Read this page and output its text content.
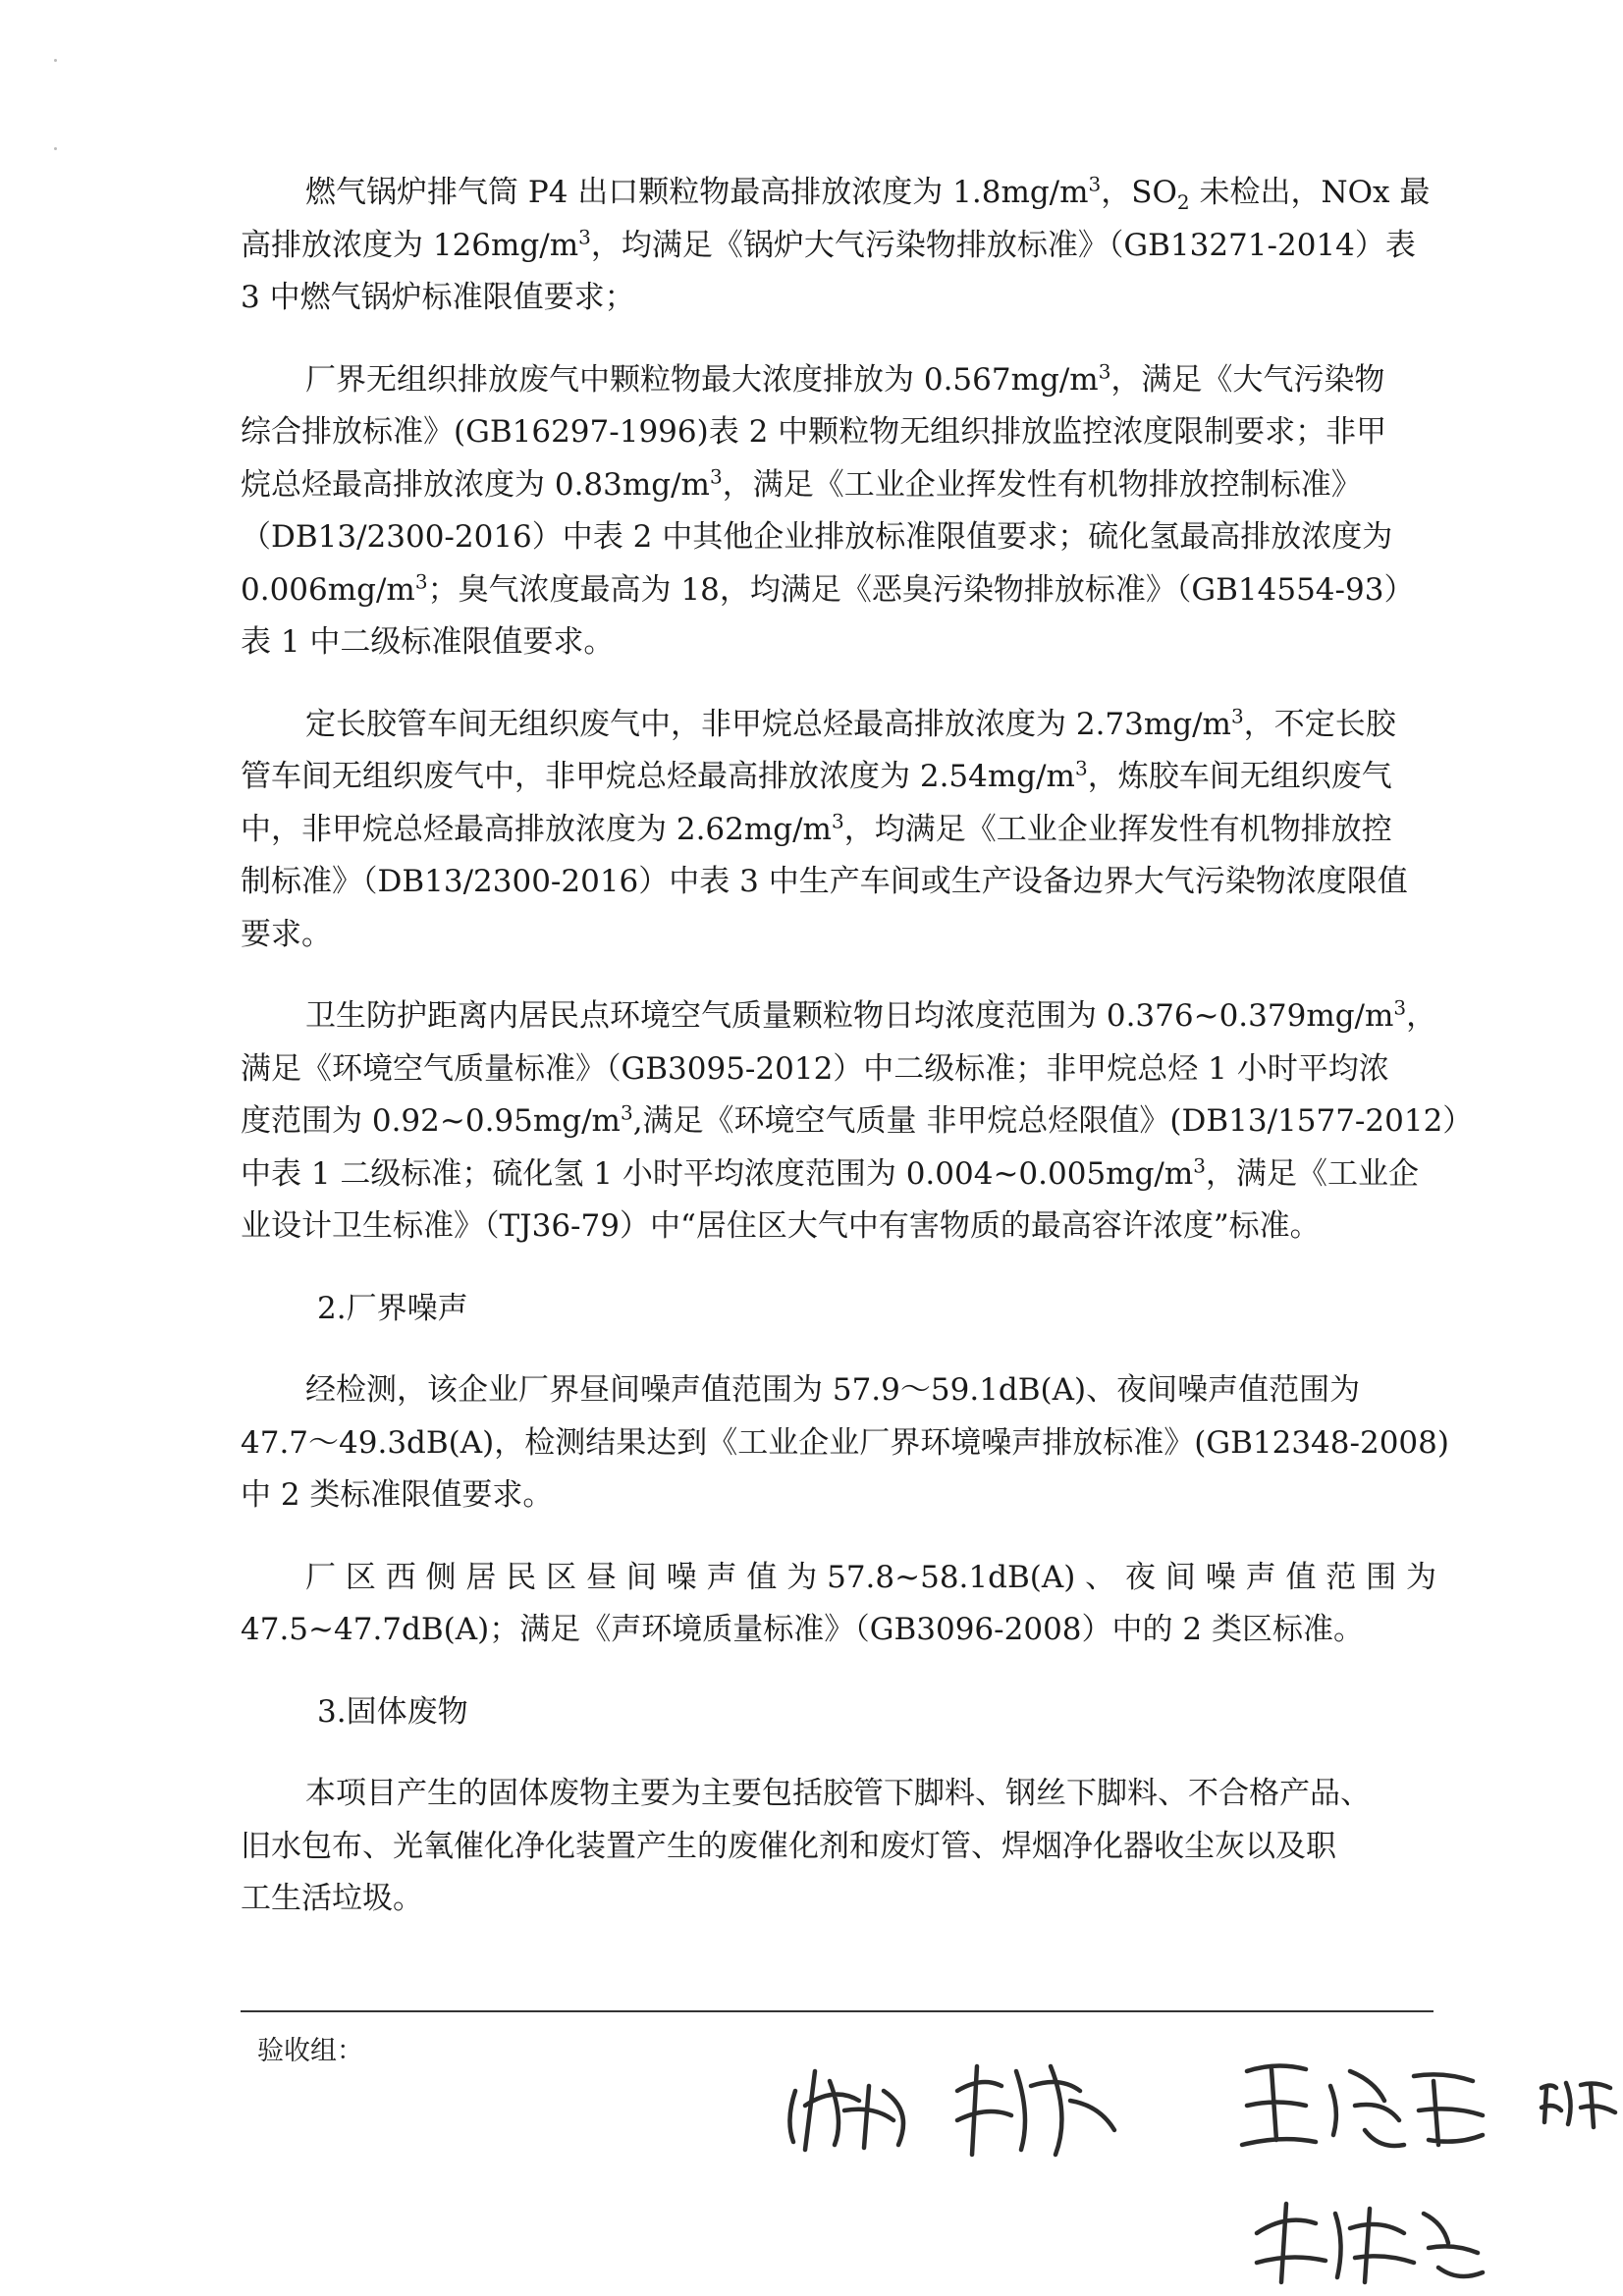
燃气锅炉排气筒 P4 出口颗粒物最高排放浓度为 $1.8mg/m^3$，$SO_2$ 未检出，NOx 最
高排放浓度为 $126mg/m^3$，均满足《锅炉大气污染物排放标准》（GB13271-2014）表
3 中燃气锅炉标准限值要求；
厂界无组织排放废气中颗粒物最大浓度排放为 $0.567mg/m^3$，满足《大气污染物
综合排放标准》(GB16297-1996)表 2 中颗粒物无组织排放监控浓度限制要求；非甲
烷总烃最高排放浓度为 $0.83mg/m^3$，满足《工业企业挥发性有机物排放控制标准》
（DB13/2300-2016）中表 2 中其他企业排放标准限值要求；硫化氢最高排放浓度为
$0.006mg/m^3$；臭气浓度最高为 18，均满足《恶臭污染物排放标准》（GB14554-93）
表 1 中二级标准限值要求。
定长胶管车间无组织废气中，非甲烷总烃最高排放浓度为 $2.73mg/m^3$，不定长胶
管车间无组织废气中，非甲烷总烃最高排放浓度为 $2.54mg/m^3$，炼胶车间无组织废气
中，非甲烷总烃最高排放浓度为 $2.62mg/m^3$，均满足《工业企业挥发性有机物排放控
制标准》（DB13/2300-2016）中表 3 中生产车间或生产设备边界大气污染物浓度限值
要求。
卫生防护距离内居民点环境空气质量颗粒物日均浓度范围为 $0.376\sim 0.379mg/m^3$，
满足《环境空气质量标准》（GB3095-2012）中二级标准；非甲烷总烃 1 小时平均浓
度范围为 $0.92\sim 0.95mg/m^3$,满足《环境空气质量 非甲烷总烃限值》(DB13/1577-2012）
中表 1 二级标准；硫化氢 1 小时平均浓度范围为 $0.004\sim 0.005mg/m^3$，满足《工业企
业设计卫生标准》（TJ36-79）中“居住区大气中有害物质的最高容许浓度”标准。
2.厂界噪声
经检测，该企业厂界昼间噪声值范围为 57.9～59.1dB(A)、夜间噪声值范围为
47.7～49.3dB(A)，检测结果达到《工业企业厂界环境噪声排放标准》(GB12348-2008)
中 2 类标准限值要求。
厂 区 西 侧 居 民 区 昼 间 噪 声 值 为 57.8~58.1dB(A) 、 夜 间 噪 声 值 范 围 为
47.5~47.7dB(A)；满足《声环境质量标准》（GB3096-2008）中的 2 类区标准。
3.固体废物
本项目产生的固体废物主要为主要包括胶管下脚料、钢丝下脚料、不合格产品、
旧水包布、光氧催化净化装置产生的废催化剂和废灯管、焊烟净化器收尘灰以及职
工生活垃圾。
验收组：
